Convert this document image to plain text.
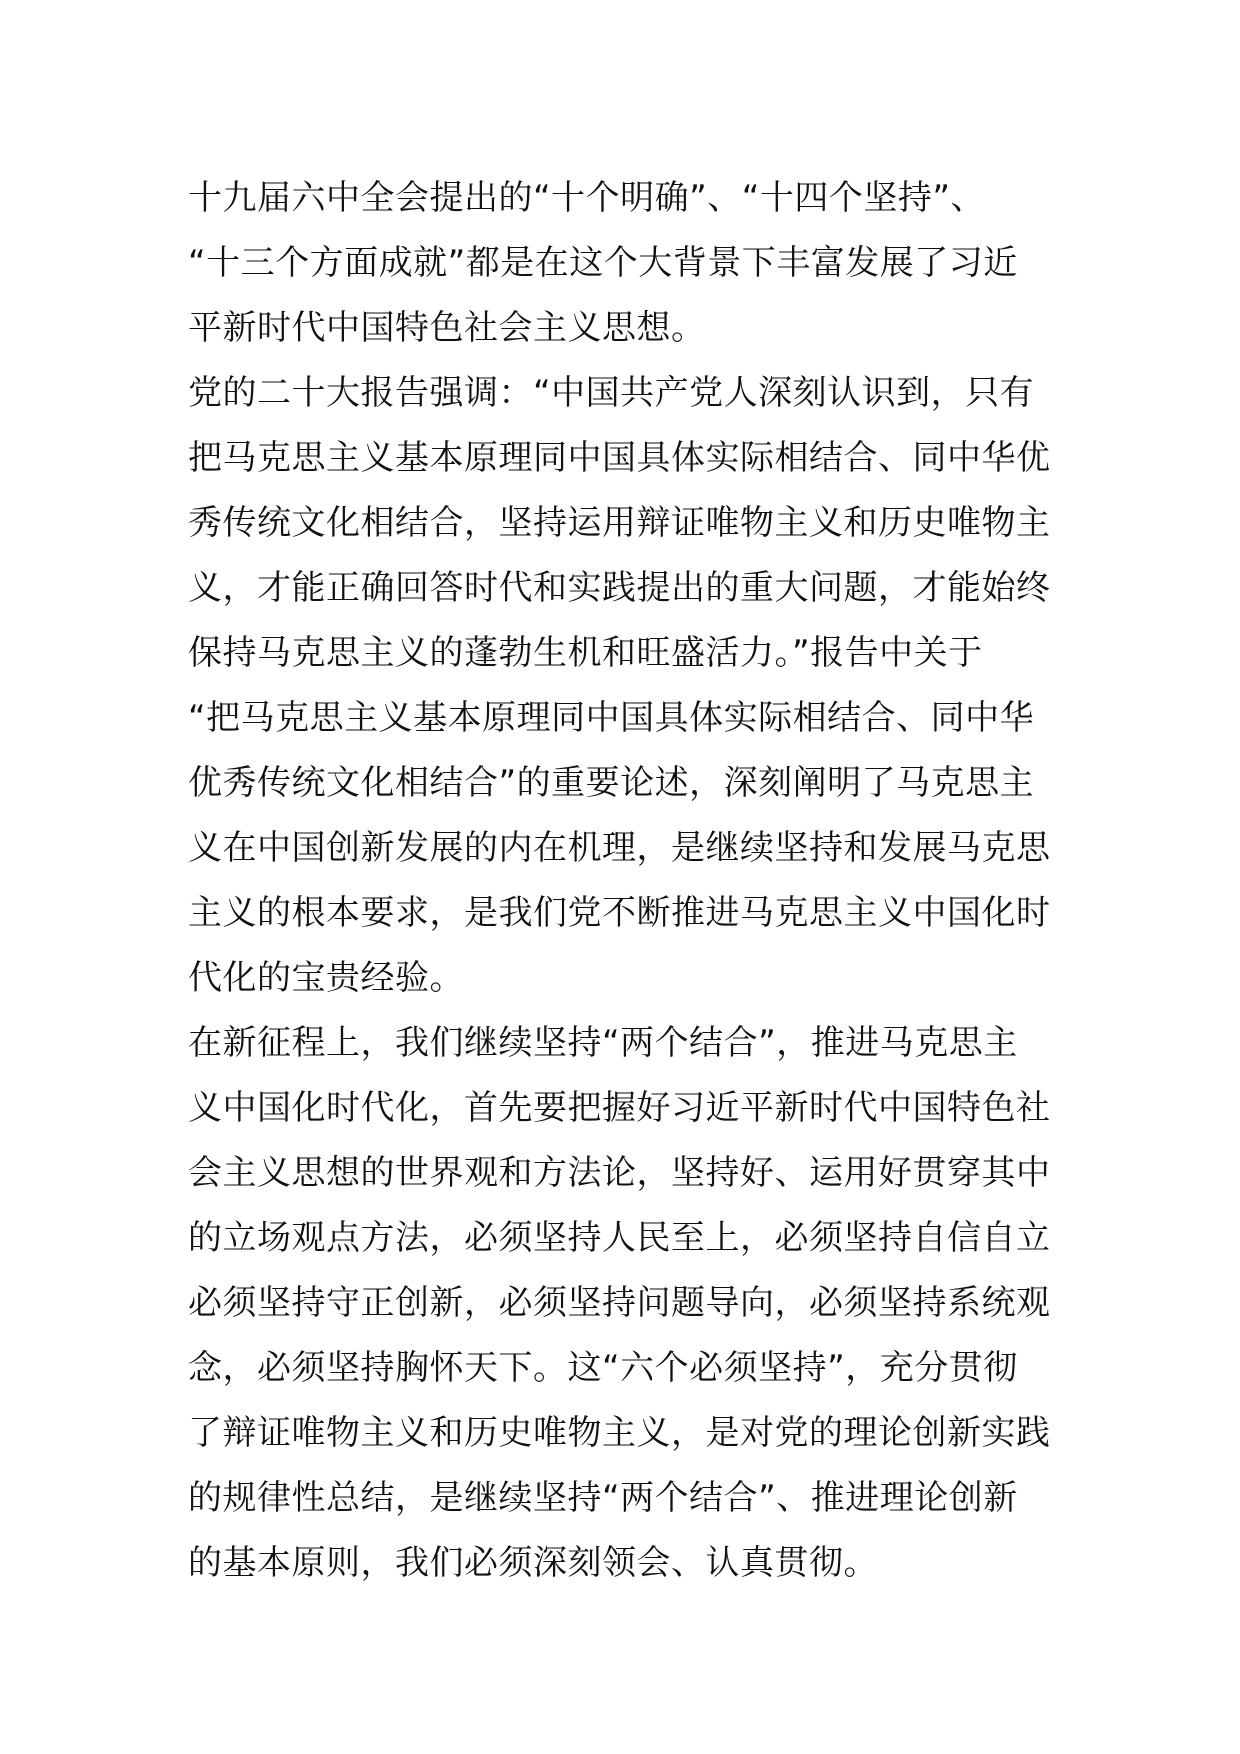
十九届六中全会提出的“十个明确”、“十四个坚持”、
“十三个方面成就”都是在这个大背景下丰富发展了习近
平新时代中国特色社会主义思想。
党的二十大报告强调：“中国共产党人深刻认识到，只有
把马克思主义基本原理同中国具体实际相结合、同中华优
秀传统文化相结合，坚持运用辩证唯物主义和历史唯物主
义，才能正确回答时代和实践提出的重大问题，才能始终
保持马克思主义的蓬勃生机和旺盛活力。”报告中关于
“把马克思主义基本原理同中国具体实际相结合、同中华
优秀传统文化相结合”的重要论述，深刻阐明了马克思主
义在中国创新发展的内在机理，是继续坚持和发展马克思
主义的根本要求，是我们党不断推进马克思主义中国化时
代化的宝贵经验。
在新征程上，我们继续坚持“两个结合”，推进马克思主
义中国化时代化，首先要把握好习近平新时代中国特色社
会主义思想的世界观和方法论，坚持好、运用好贯穿其中
的立场观点方法，必须坚持人民至上，必须坚持自信自立
必须坚持守正创新，必须坚持问题导向，必须坚持系统观
念，必须坚持胸怀天下。这“六个必须坚持”，充分贯彻
了辩证唯物主义和历史唯物主义，是对党的理论创新实践
的规律性总结，是继续坚持“两个结合”、推进理论创新
的基本原则，我们必须深刻领会、认真贯彻。
